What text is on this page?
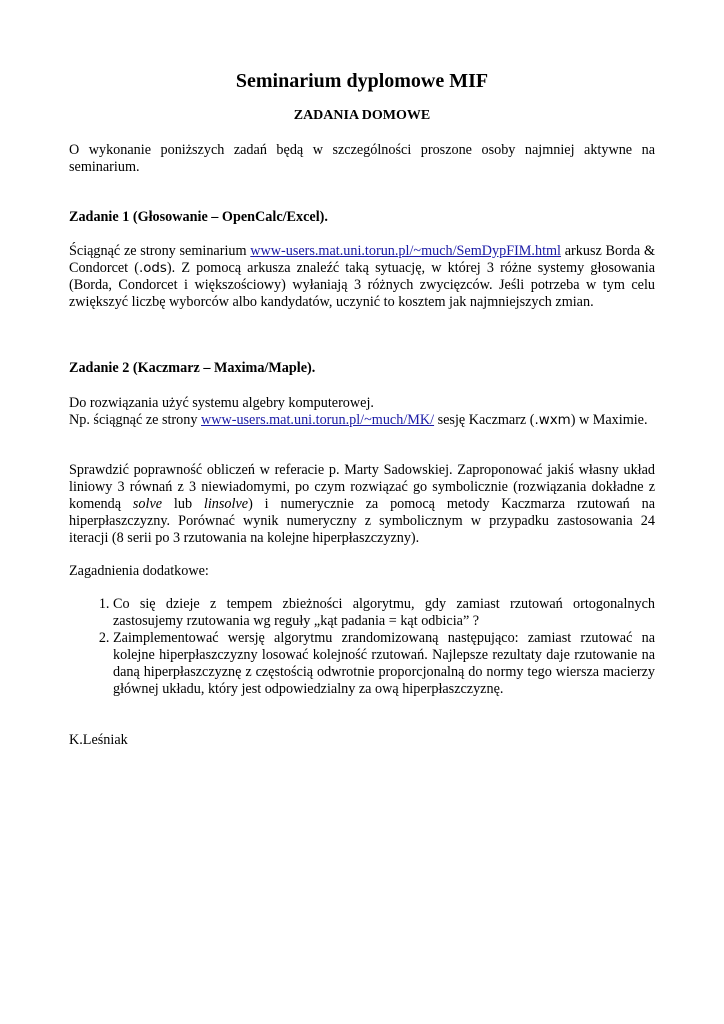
Seminarium dyplomowe MIF
ZADANIA DOMOWE

O wykonanie poniższych zadań będą w szczególności proszone osoby najmniej aktywne na seminarium.

Zadanie 1 (Głosowanie – OpenCalc/Excel).

Ściągnąć ze strony seminarium www-users.mat.uni.torun.pl/~much/SemDypFIM.html arkusz Borda & Condorcet (.ods). Z pomocą arkusza znaleźć taką sytuację, w której 3 różne systemy głosowania (Borda, Condorcet i większościowy) wyłaniają 3 różnych zwycięzców. Jeśli potrzeba w tym celu zwiększyć liczbę wyborców albo kandydatów, uczynić to kosztem jak najmniejszych zmian.

Zadanie 2 (Kaczmarz – Maxima/Maple).

Do rozwiązania użyć systemu algebry komputerowej.

Np. ściągnąć ze strony www-users.mat.uni.torun.pl/~much/MK/ sesję Kaczmarz (.wxm) w Maximie.

Sprawdzić poprawność obliczeń w referacie p. Marty Sadowskiej. Zaproponować jakiś własny układ liniowy 3 równań z 3 niewiadomymi, po czym rozwiązać go symbolicznie (rozwiązania dokładne z komendą solve lub linsolve) i numerycznie za pomocą metody Kaczmarza rzutowań na hiperpłaszczyzny. Porównać wynik numeryczny z symbolicznym w przypadku zastosowania 24 iteracji (8 serii po 3 rzutowania na kolejne hiperpłaszczyzny).

Zagadnienia dodatkowe:

1. Co się dzieje z tempem zbieżności algorytmu, gdy zamiast rzutowań ortogonalnych zastosujemy rzutowania wg reguły „kąt padania = kąt odbicia” ?
2. Zaimplementować wersję algorytmu zrandomizowaną następująco: zamiast rzutować na kolejne hiperpłaszczyzny losować kolejność rzutowań. Najlepsze rezultaty daje rzutowanie na daną hiperpłaszczyznę z częstością odwrotnie proporcjonalną do normy tego wiersza macierzy głównej układu, który jest odpowiedzialny za ową hiperpłaszczyznę.

K.Leśniak
